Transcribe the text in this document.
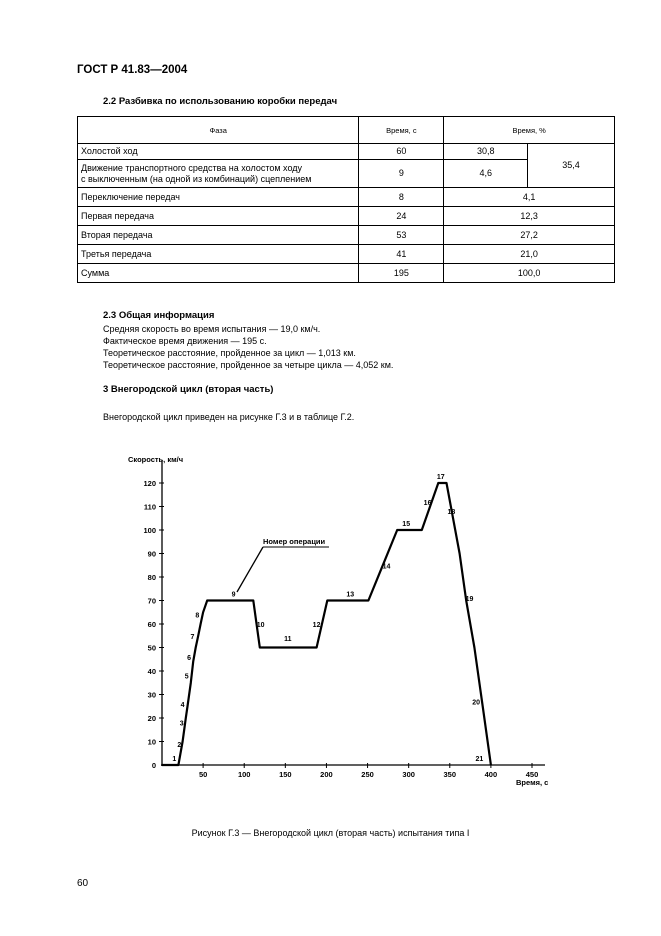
ГОСТ Р 41.83—2004
2.2 Разбивка по использованию коробки передач
Фаза	Время, с	Время, %	
Холостой ход	60	30,8	35,4
Движение транспортного средства на холостом ходу
с выключенным (на одной из комбинаций) сцеплением	9	4,6	
Переключение передач	8	4,1	
Первая передача	24	12,3	
Вторая передача	53	27,2	
Третья передача	41	21,0	
Сумма	195	100,0	
2.3 Общая информация
Средняя скорость во время испытания — 19,0 км/ч.
Фактическое время движения — 195 с.
Теоретическое расстояние, пройденное за цикл — 1,013 км.
Теоретическое расстояние, пройденное за четыре цикла — 4,052 км.
3 Внегородской цикл (вторая часть)
Внегородской цикл приведен на рисунке Г.3 и в таблице Г.2.
0
10
20
30
40
50
60
70
80
90
100
110
120
50	100	150	200	250	300	350	400	450
1
2
3
4
5
6
7
8
9
10
11
12
13
14
15
16
17
18
19
20
21
Скорость, км/ч
Время, с
Номер операции
Рисунок Г.3 — Внегородской цикл (вторая часть) испытания типа I
60
